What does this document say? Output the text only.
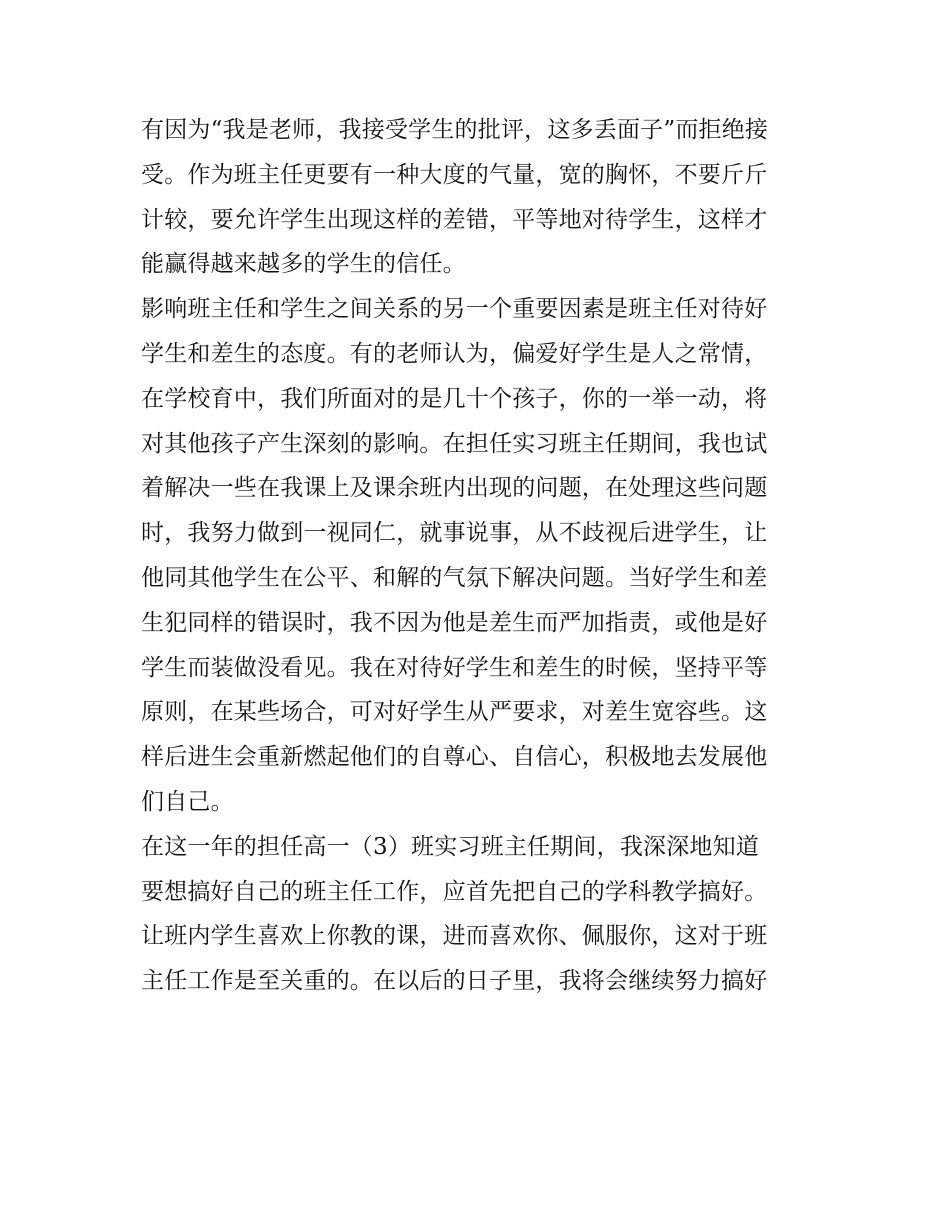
有因为“我是老师，我接受学生的批评，这多丢面子”而拒绝接
受。作为班主任更要有一种大度的气量，宽的胸怀，不要斤斤
计较，要允许学生出现这样的差错，平等地对待学生，这样才
能赢得越来越多的学生的信任。
影响班主任和学生之间关系的另一个重要因素是班主任对待好
学生和差生的态度。有的老师认为，偏爱好学生是人之常情，
在学校育中，我们所面对的是几十个孩子，你的一举一动，将
对其他孩子产生深刻的影响。在担任实习班主任期间，我也试
着解决一些在我课上及课余班内出现的问题，在处理这些问题
时，我努力做到一视同仁，就事说事，从不歧视后进学生，让
他同其他学生在公平、和解的气氛下解决问题。当好学生和差
生犯同样的错误时，我不因为他是差生而严加指责，或他是好
学生而装做没看见。我在对待好学生和差生的时候，坚持平等
原则，在某些场合，可对好学生从严要求，对差生宽容些。这
样后进生会重新燃起他们的自尊心、自信心，积极地去发展他
们自己。
在这一年的担任高一（3）班实习班主任期间，我深深地知道
要想搞好自己的班主任工作，应首先把自己的学科教学搞好。
让班内学生喜欢上你教的课，进而喜欢你、佩服你，这对于班
主任工作是至关重的。在以后的日子里，我将会继续努力搞好
